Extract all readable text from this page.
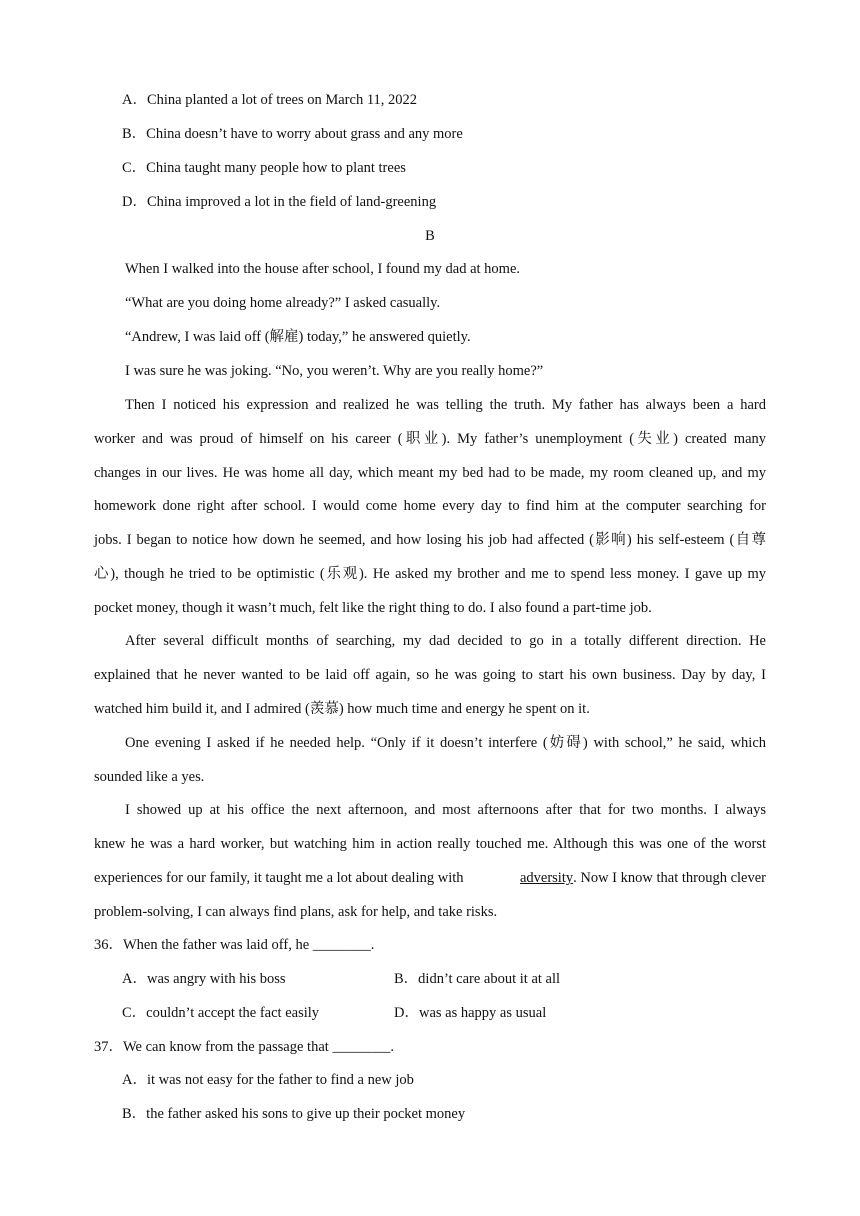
A．China planted a lot of trees on March 11, 2022
B．China doesn’t have to worry about grass and any more
C．China taught many people how to plant trees
D．China improved a lot in the field of land-greening
B
When I walked into the house after school, I found my dad at home.
“What are you doing home already?” I asked casually.
“Andrew, I was laid off (解雇) today,” he answered quietly.
I was sure he was joking. “No, you weren’t. Why are you really home?”
Then I noticed his expression and realized he was telling the truth. My father has always been a hard
worker and was proud of himself on his career (职业). My father’s unemployment (失业) created many
changes in our lives. He was home all day, which meant my bed had to be made, my room cleaned up, and my
homework done right after school. I would come home every day to find him at the computer searching for
jobs. I began to notice how down he seemed, and how losing his job had affected (影响) his self-esteem (自尊
心), though he tried to be optimistic (乐观). He asked my brother and me to spend less money. I gave up my
pocket money, though it wasn’t much, felt like the right thing to do. I also found a part-time job.
After several difficult months of searching, my dad decided to go in a totally different direction. He
explained that he never wanted to be laid off again, so he was going to start his own business. Day by day, I
watched him build it, and I admired (羡慕) how much time and energy he spent on it.
One evening I asked if he needed help. “Only if it doesn’t interfere (妨碍) with school,” he said, which
sounded like a yes.
I showed up at his office the next afternoon, and most afternoons after that for two months. I always
knew he was a hard worker, but watching him in action really touched me. Although this was one of the worst
experiences for our family, it taught me a lot about dealing with	adversity . Now I know that through clever
problem-solving, I can always find plans, ask for help, and take risks.
36．When the father was laid off, he ________.
A．was angry with his boss	B．didn’t care about it at all
C．couldn’t accept the fact easily	D．was as happy as usual
37．We can know from the passage that ________.
A．it was not easy for the father to find a new job
B．the father asked his sons to give up their pocket money
